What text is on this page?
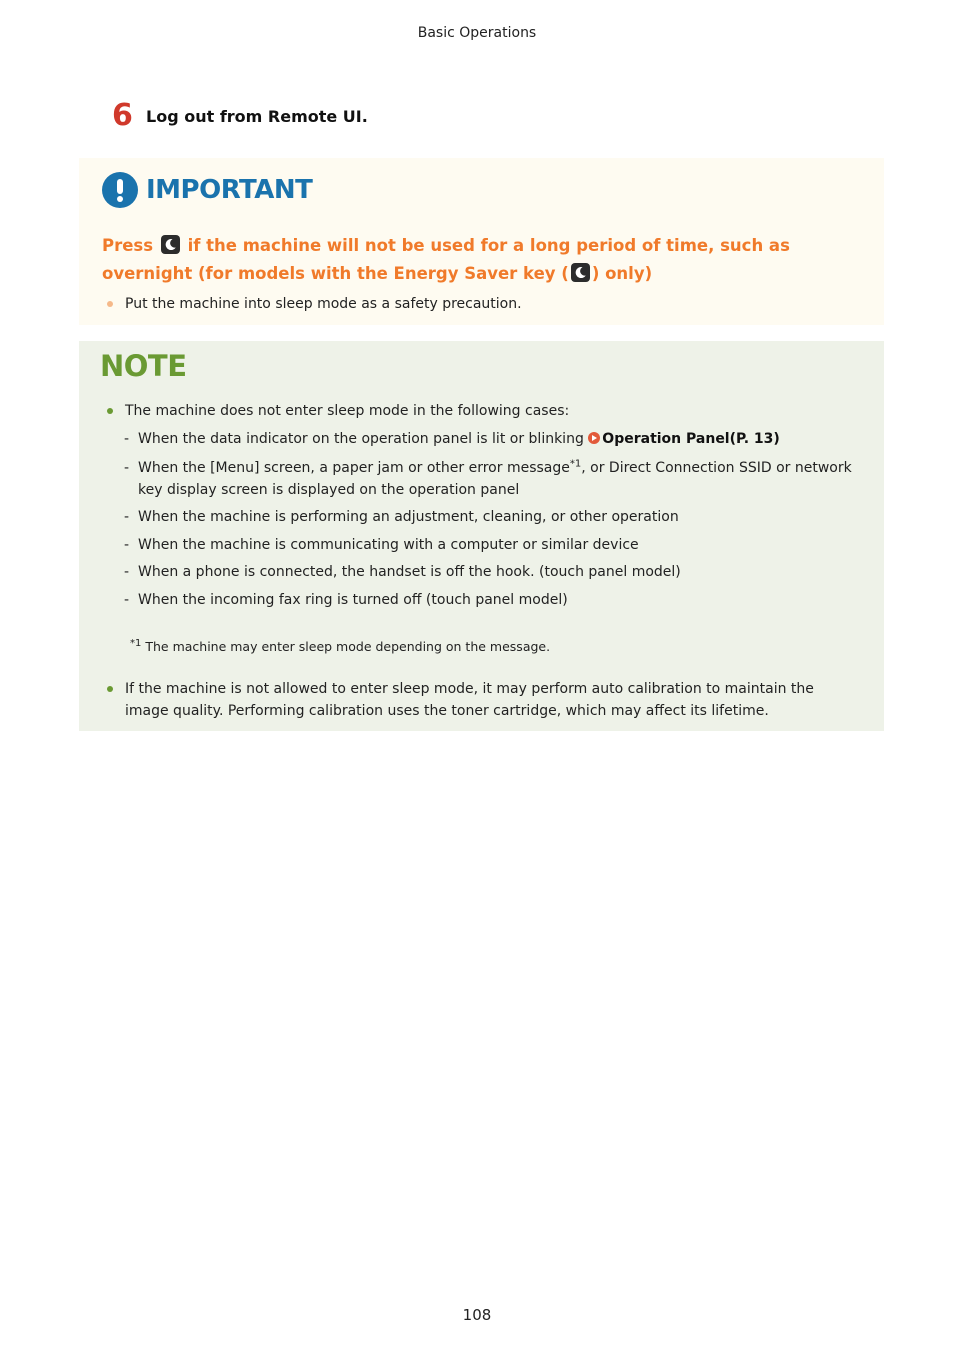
Basic Operations
6 Log out from Remote UI.
IMPORTANT
Press if the machine will not be used for a long period of time, such as overnight (for models with the Energy Saver key ( ) only)
Put the machine into sleep mode as a safety precaution.
NOTE
The machine does not enter sleep mode in the following cases:
- When the data indicator on the operation panel is lit or blinking Operation Panel(P. 13)
- When the [Menu] screen, a paper jam or other error message$^{*1}$, or Direct Connection SSID or network key display screen is displayed on the operation panel
- When the machine is performing an adjustment, cleaning, or other operation
- When the machine is communicating with a computer or similar device
- When a phone is connected, the handset is off the hook. (touch panel model)
- When the incoming fax ring is turned off (touch panel model)
$^{*1}$ The machine may enter sleep mode depending on the message.
If the machine is not allowed to enter sleep mode, it may perform auto calibration to maintain the image quality. Performing calibration uses the toner cartridge, which may affect its lifetime.
108
